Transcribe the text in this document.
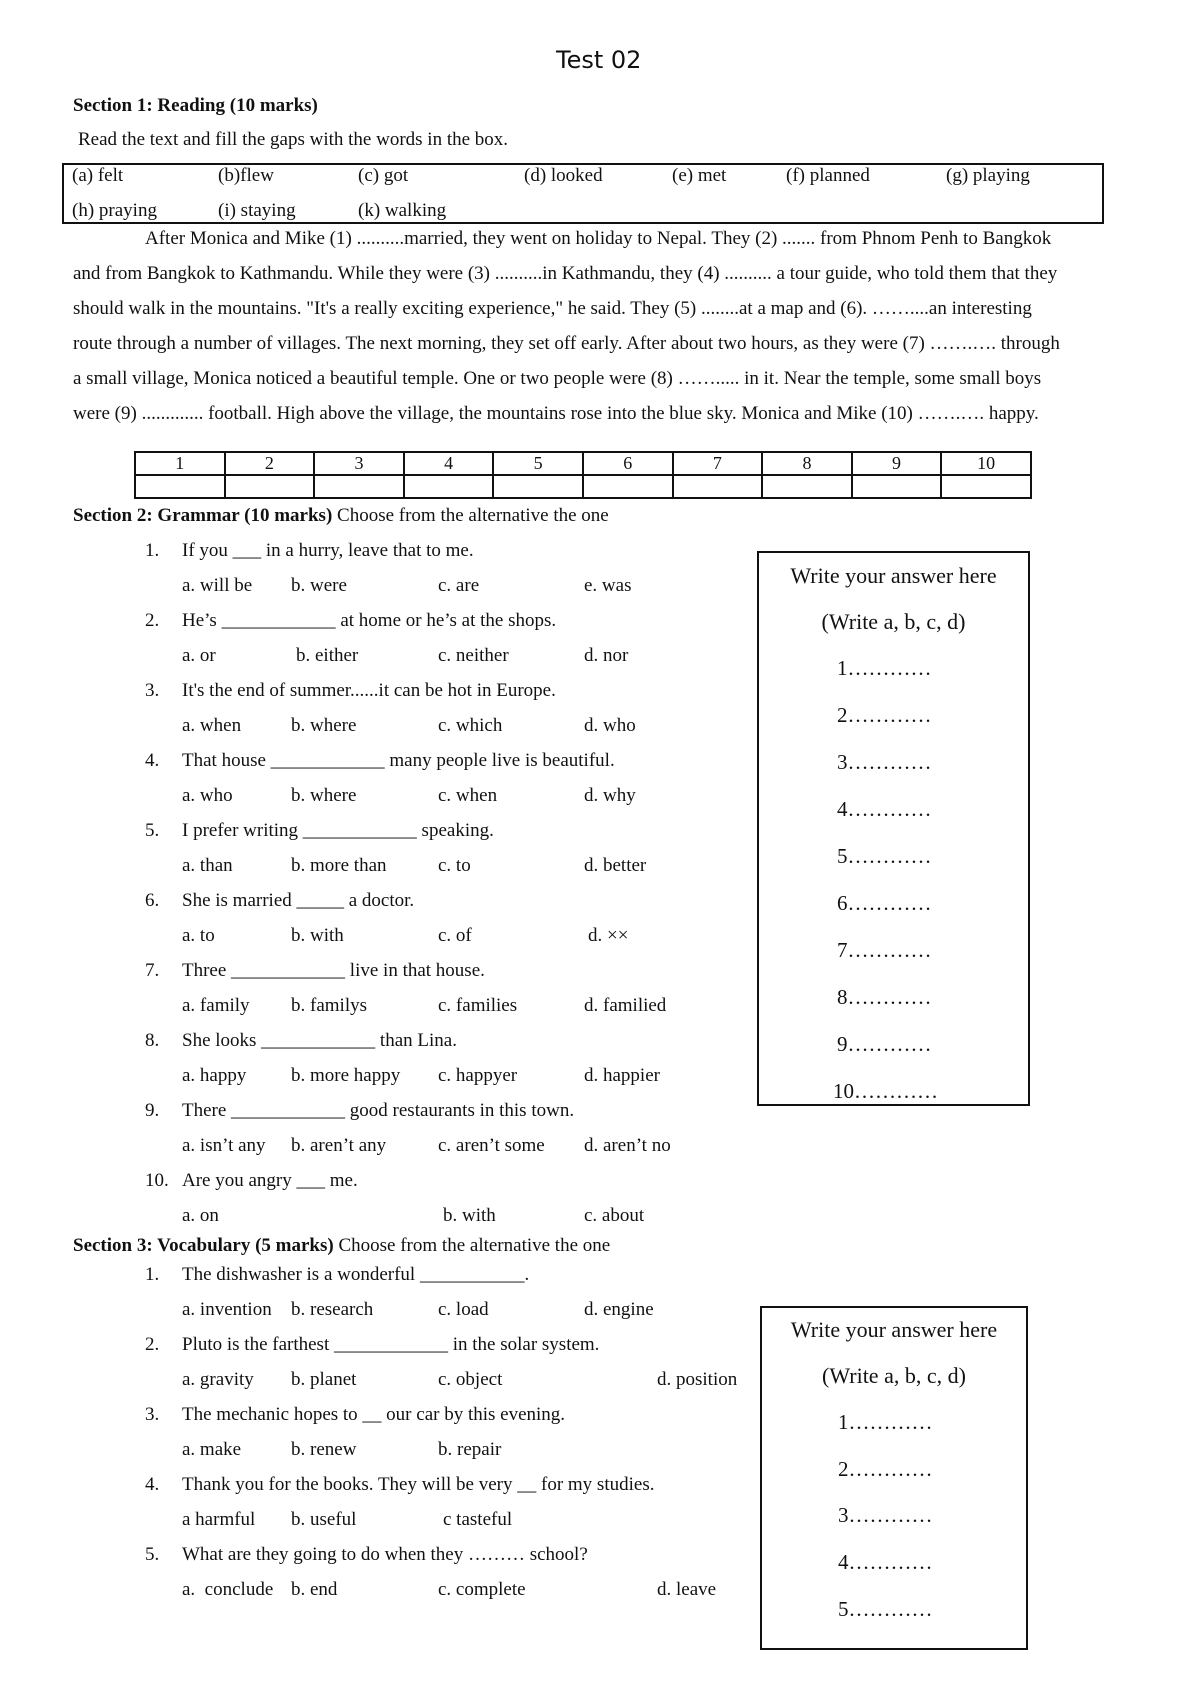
Test 02
Section 1: Reading (10 marks)
Read the text and fill the gaps with the words in the box.
(a) felt	(b)flew	(c) got	(d) looked	(e) met	(f) planned	(g) playing
(h) praying	(i) staying	(k) walking
After Monica and Mike (1) ..........married, they went on holiday to Nepal. They (2) ....... from Phnom Penh to Bangkok
and from Bangkok to Kathmandu. While they were (3) ..........in Kathmandu, they (4) .......... a tour guide, who told them that they
should walk in the mountains. "It's a really exciting experience," he said. They (5) ........at a map and (6). ……....an interesting
route through a number of villages. The next morning, they set off early. After about two hours, as they were (7) …….…. through
a small village, Monica noticed a beautiful temple. One or two people were (8) ……..... in it. Near the temple, some small boys
were (9) ............. football. High above the village, the mountains rose into the blue sky. Monica and Mike (10) …….…. happy.
1	2	3	4	5	6	7	8	9	10

Section 2: Grammar (10 marks) Choose from the alternative the one
1. If you ___ in a hurry, leave that to me.
a. will be b. were	c. are	e. was
2. He’s ____________ at home or he’s at the shops.
a. or	b. either	c. neither	d. nor
3. It's the end of summer......it can be hot in Europe.
a. when	b. where	c. which	d. who
4. That house ____________ many people live is beautiful.
a. who	b. where	c. when	d. why
5. I prefer writing ____________ speaking.
a. than	b. more than	c. to	d. better
6. She is married _____ a doctor.
a. to	b. with	c. of	d. ××
7. Three ____________ live in that house.
a. family b. familys	c. families	d. familied
8. She looks ____________ than Lina.
a. happy b. more happy c. happyer	d. happier
9. There ____________ good restaurants in this town.
a. isn’t any b. aren’t any	c. aren’t some d. aren’t no
10. Are you angry ___ me.
a. on	b. with	c. about
Write your answer here
(Write a, b, c, d)
1…………
2…………
3…………
4…………
5…………
6…………
7…………
8…………
9…………
10…………
Section 3: Vocabulary (5 marks) Choose from the alternative the one
1. The dishwasher is a wonderful ___________.
a. invention b. research	c. load	d. engine
2. Pluto is the farthest ____________ in the solar system.
a. gravity b. planet	c. object	d. position
3. The mechanic hopes to __ our car by this evening.
a. make	b. renew	b. repair
4. Thank you for the books. They will be very __ for my studies.
a harmful b. useful	c tasteful
5. What are they going to do when they ……… school?
a.  conclude b. end	c. complete	d. leave
Write your answer here
(Write a, b, c, d)
1…………
2…………
3…………
4…………
5…………
